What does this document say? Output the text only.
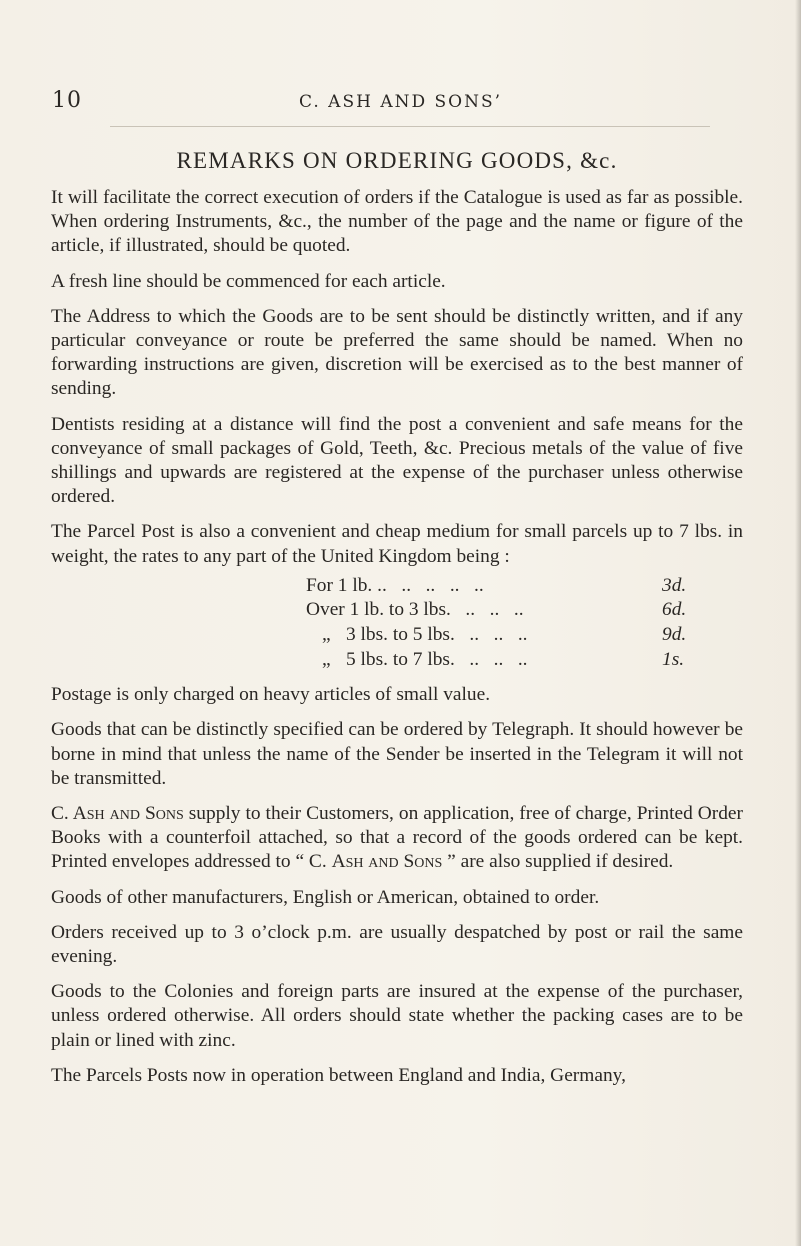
10	C. ASH AND SONS’
REMARKS ON ORDERING GOODS, &c.

It will facilitate the correct execution of orders if the Catalogue is used as far as possible. When ordering Instruments, &c., the number of the page and the name or figure of the article, if illustrated, should be quoted.

A fresh line should be commenced for each article.

The Address to which the Goods are to be sent should be distinctly written, and if any particular conveyance or route be preferred the same should be named. When no forwarding instructions are given, discretion will be exercised as to the best manner of sending.

Dentists residing at a distance will find the post a convenient and safe means for the conveyance of small packages of Gold, Teeth, &c. Precious metals of the value of five shillings and upwards are registered at the expense of the purchaser unless otherwise ordered.

The Parcel Post is also a convenient and cheap medium for small parcels up to 7 lbs. in weight, the rates to any part of the United Kingdom being :

For 1 lb. ..   ..   ..   ..   ..	3d.
Over 1 lb. to 3 lbs.   ..   ..   ..	6d.
„ 3 lbs. to 5 lbs.   ..   ..   ..	9d.
„ 5 lbs. to 7 lbs.   ..   ..   ..	1s.

Postage is only charged on heavy articles of small value.

Goods that can be distinctly specified can be ordered by Telegraph. It should however be borne in mind that unless the name of the Sender be inserted in the Telegram it will not be transmitted.

C. Ash and Sons supply to their Customers, on application, free of charge, Printed Order Books with a counterfoil attached, so that a record of the goods ordered can be kept. Printed envelopes addressed to “ C. Ash and Sons ” are also supplied if desired.

Goods of other manufacturers, English or American, obtained to order.

Orders received up to 3 o’clock p.m. are usually despatched by post or rail the same evening.

Goods to the Colonies and foreign parts are insured at the expense of the purchaser, unless ordered otherwise. All orders should state whether the packing cases are to be plain or lined with zinc.

The Parcels Posts now in operation between England and India, Germany,
